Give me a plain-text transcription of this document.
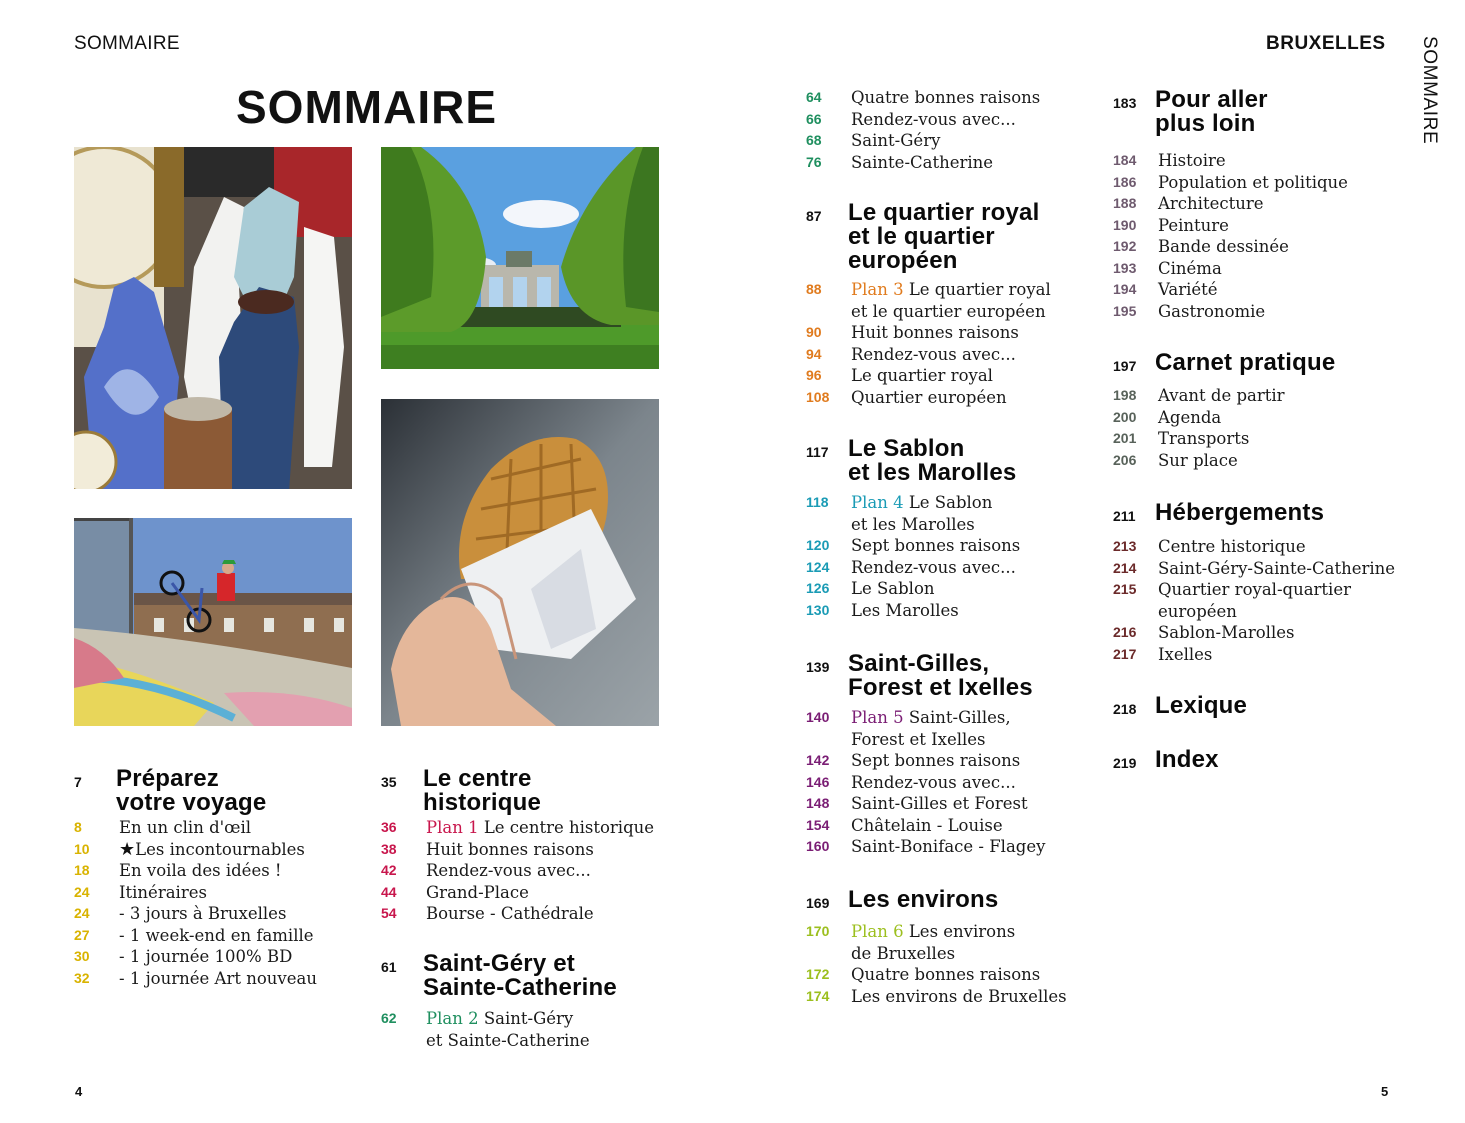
SOMMAIRE	BRUXELLES SOMMAIRE
SOMMAIRE
7 Préparez
votre voyage
8 En un clin d'œil
10 ★Les incontournables
18 En voila des idées !
24 Itinéraires
24 - 3 jours à Bruxelles
27 - 1 week-end en famille
30 - 1 journée 100% BD
32 - 1 journée Art nouveau
35 Le centre
historique
36 Plan 1 Le centre historique
38 Huit bonnes raisons
42 Rendez-vous avec...
44 Grand-Place
54 Bourse - Cathédrale
61 Saint-Géry et
Sainte-Catherine
62 Plan 2 Saint-Géry
et Sainte-Catherine
64 Quatre bonnes raisons
66 Rendez-vous avec...
68 Saint-Géry
76 Sainte-Catherine
87 Le quartier royal
et le quartier
européen
88 Plan 3 Le quartier royal
et le quartier européen
90 Huit bonnes raisons
94 Rendez-vous avec...
96 Le quartier royal
108 Quartier européen
117 Le Sablon
et les Marolles
118 Plan 4 Le Sablon
et les Marolles
120 Sept bonnes raisons
124 Rendez-vous avec...
126 Le Sablon
130 Les Marolles
139 Saint-Gilles,
Forest et Ixelles
140 Plan 5 Saint-Gilles,
Forest et Ixelles
142 Sept bonnes raisons
146 Rendez-vous avec...
148 Saint-Gilles et Forest
154 Châtelain - Louise
160 Saint-Boniface - Flagey
169 Les environs
170 Plan 6 Les environs
de Bruxelles
172 Quatre bonnes raisons
174 Les environs de Bruxelles
183 Pour aller
plus loin
184 Histoire
186 Population et politique
188 Architecture
190 Peinture
192 Bande dessinée
193 Cinéma
194 Variété
195 Gastronomie
197 Carnet pratique
198 Avant de partir
200 Agenda
201 Transports
206 Sur place
211 Hébergements
213 Centre historique
214 Saint-Géry-Sainte-Catherine
215 Quartier royal-quartier
européen
216 Sablon-Marolles
217 Ixelles
218 Lexique
219 Index
4	5
